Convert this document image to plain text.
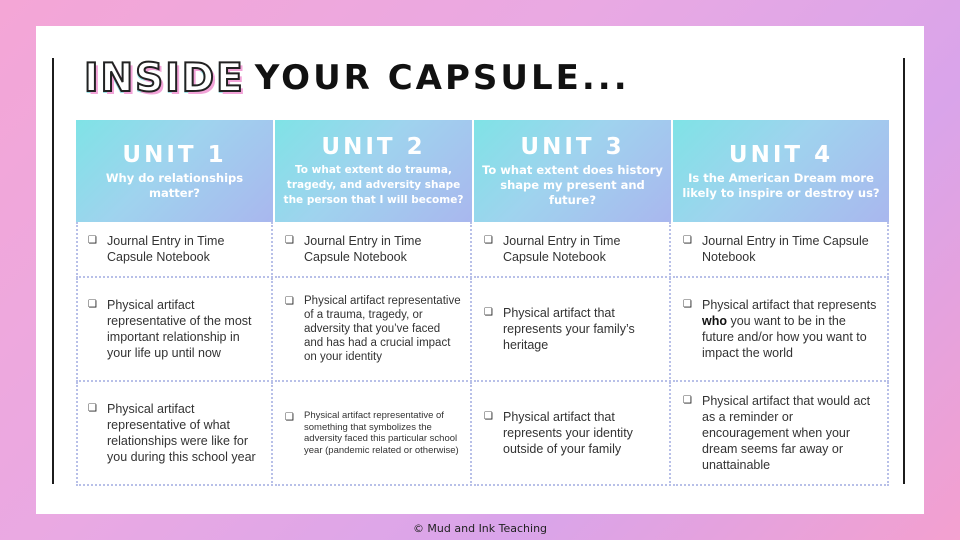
INSIDE YOUR CAPSULE...
UNIT 1
Why do relationships matter?
UNIT 2
To what extent do trauma, tragedy, and adversity shape the person that I will become?
UNIT 3
To what extent does history shape my present and future?
UNIT 4
Is the American Dream more likely to inspire or destroy us?
❏ Journal Entry in Time Capsule Notebook
❏ Journal Entry in Time Capsule Notebook
❏ Journal Entry in Time Capsule Notebook
❏ Journal Entry in Time Capsule Notebook
❏ Physical artifact representative of the most important relationship in your life up until now
❏ Physical artifact representative of a trauma, tragedy, or adversity that you’ve faced and has had a crucial impact on your identity
❏ Physical artifact that represents your family’s heritage
❏ Physical artifact that represents who you want to be in the future and/or how you want to impact the world
❏ Physical artifact representative of what relationships were like for you during this school year
❏ Physical artifact representative of something that symbolizes the adversity faced this particular school year (pandemic related or otherwise)
❏ Physical artifact that represents your identity outside of your family
❏ Physical artifact that would act as a reminder or encouragement when your dream seems far away or unattainable
© Mud and Ink Teaching
